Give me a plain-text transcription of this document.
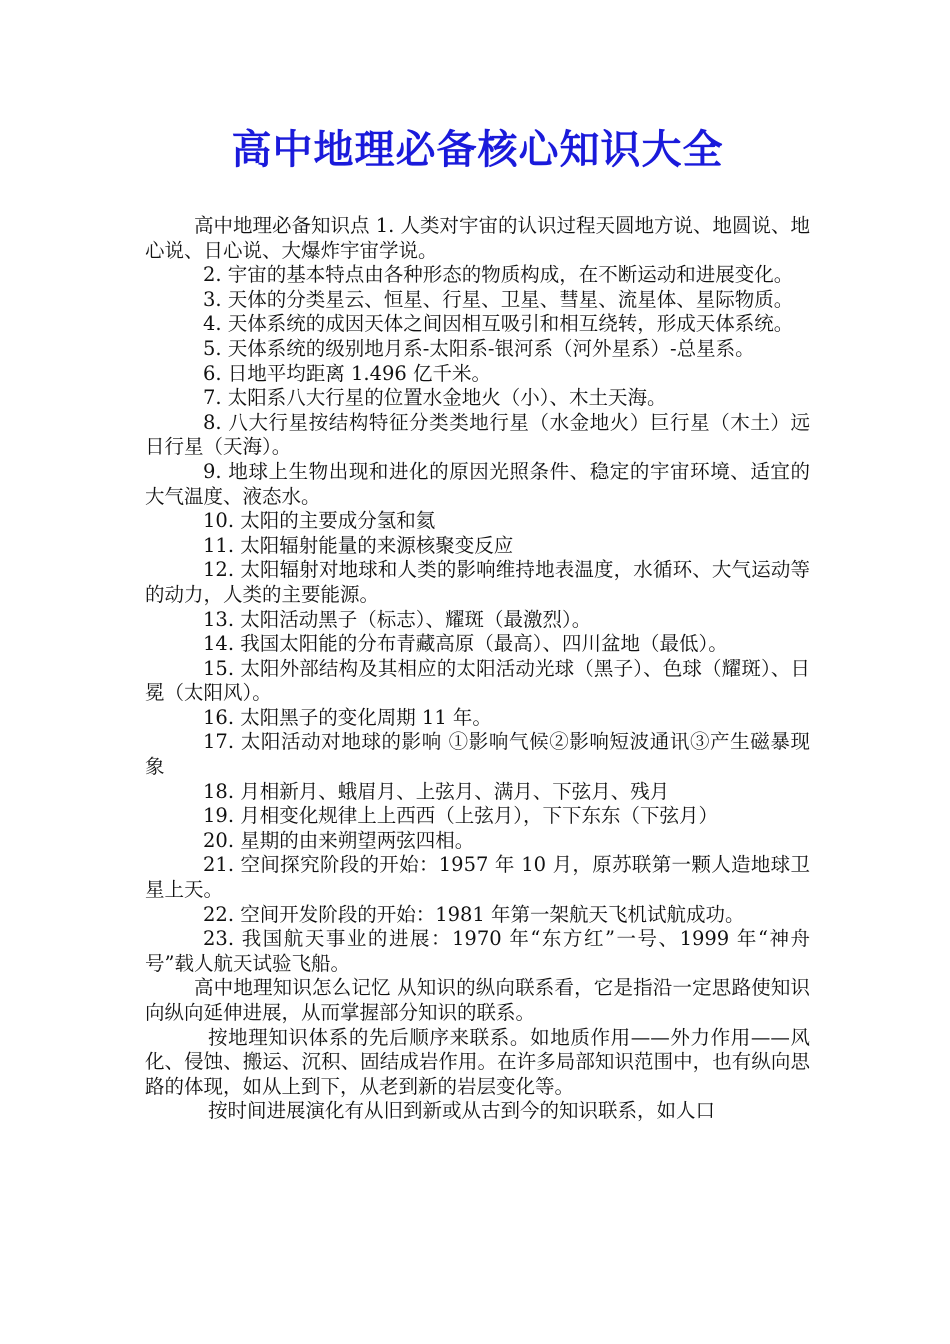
高中地理必备核心知识大全

高中地理必备知识点 1. 人类对宇宙的认识过程天圆地方说、地圆说、地心说、日心说、大爆炸宇宙学说。

2. 宇宙的基本特点由各种形态的物质构成，在不断运动和进展变化。

3. 天体的分类星云、恒星、行星、卫星、彗星、流星体、星际物质。

4. 天体系统的成因天体之间因相互吸引和相互绕转，形成天体系统。

5. 天体系统的级别地月系-太阳系-银河系（河外星系）-总星系。

6. 日地平均距离 1.496 亿千米。

7. 太阳系八大行星的位置水金地火（小）、木土天海。

8. 八大行星按结构特征分类类地行星（水金地火）巨行星（木土）远日行星（天海）。

9. 地球上生物出现和进化的原因光照条件、稳定的宇宙环境、适宜的大气温度、液态水。

10. 太阳的主要成分氢和氦

11. 太阳辐射能量的来源核聚变反应

12. 太阳辐射对地球和人类的影响维持地表温度，水循环、大气运动等的动力，人类的主要能源。

13. 太阳活动黑子（标志）、耀斑（最激烈）。

14. 我国太阳能的分布青藏高原（最高）、四川盆地（最低）。

15. 太阳外部结构及其相应的太阳活动光球（黑子）、色球（耀斑）、日冕（太阳风）。

16. 太阳黑子的变化周期 11 年。

17. 太阳活动对地球的影响 ①影响气候②影响短波通讯③产生磁暴现象

18. 月相新月、蛾眉月、上弦月、满月、下弦月、残月

19. 月相变化规律上上西西（上弦月），下下东东（下弦月）

20. 星期的由来朔望两弦四相。

21. 空间探究阶段的开始：1957 年 10 月，原苏联第一颗人造地球卫星上天。

22. 空间开发阶段的开始：1981 年第一架航天飞机试航成功。

23. 我国航天事业的进展：1970 年“东方红”一号、1999 年“神舟号”载人航天试验飞船。

高中地理知识怎么记忆 从知识的纵向联系看，它是指沿一定思路使知识向纵向延伸进展，从而掌握部分知识的联系。

按地理知识体系的先后顺序来联系。如地质作用——外力作用——风化、侵蚀、搬运、沉积、固结成岩作用。在许多局部知识范围中，也有纵向思路的体现，如从上到下，从老到新的岩层变化等。

按时间进展演化有从旧到新或从古到今的知识联系，如人口
